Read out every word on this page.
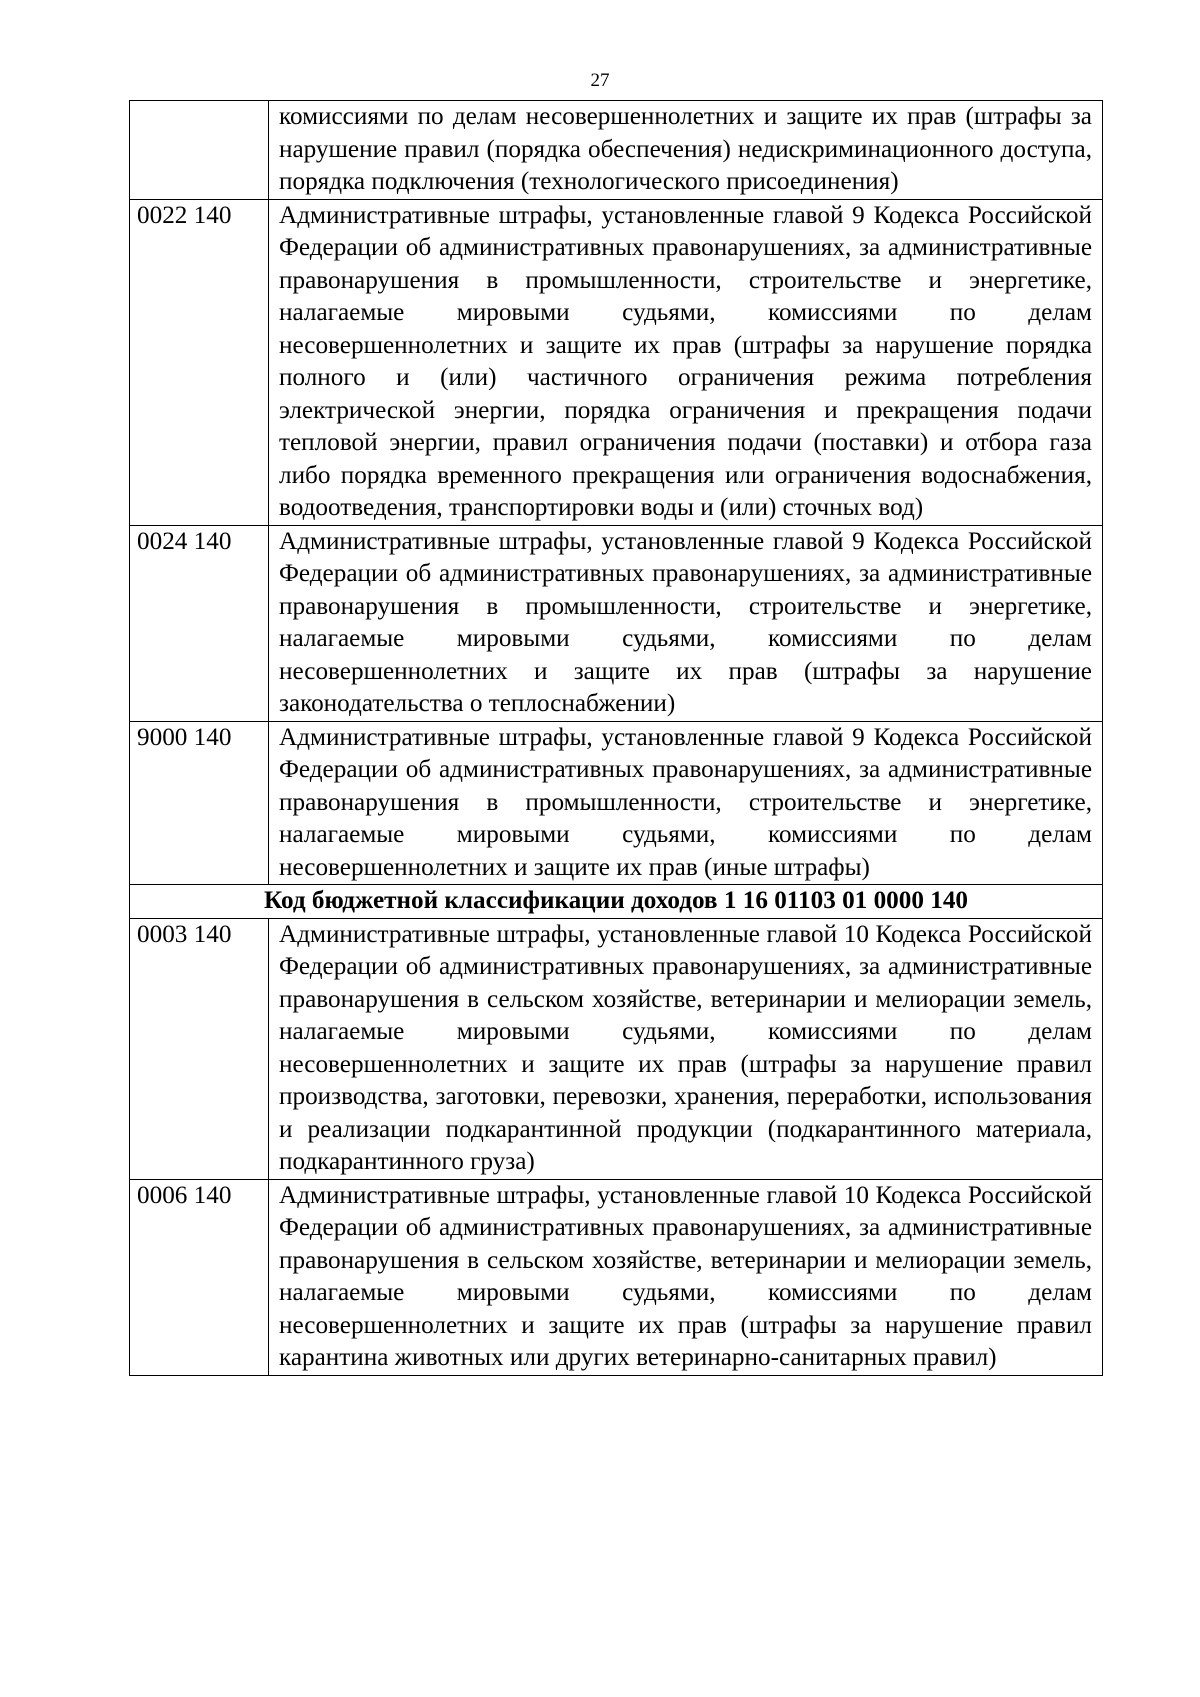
27
	комиссиями по делам несовершеннолетних и защите их прав (штрафы за нарушение правил (порядка обеспечения) недискриминационного доступа, порядка подключения (технологического присоединения)
0022 140	Административные штрафы, установленные главой 9 Кодекса Российской Федерации об административных правонарушениях, за административные правонарушения в промышленности, строительстве и энергетике, налагаемые мировыми судьями, комиссиями по делам несовершеннолетних и защите их прав (штрафы за нарушение порядка полного и (или) частичного ограничения режима потребления электрической энергии, порядка ограничения и прекращения подачи тепловой энергии, правил ограничения подачи (поставки) и отбора газа либо порядка временного прекращения или ограничения водоснабжения, водоотведения, транспортировки воды и (или) сточных вод)
0024 140	Административные штрафы, установленные главой 9 Кодекса Российской Федерации об административных правонарушениях, за административные правонарушения в промышленности, строительстве и энергетике, налагаемые мировыми судьями, комиссиями по делам несовершеннолетних и защите их прав (штрафы за нарушение законодательства о теплоснабжении)
9000 140	Административные штрафы, установленные главой 9 Кодекса Российской Федерации об административных правонарушениях, за административные правонарушения в промышленности, строительстве и энергетике, налагаемые мировыми судьями, комиссиями по делам несовершеннолетних и защите их прав (иные штрафы)
Код бюджетной классификации доходов 1 16 01103 01 0000 140	
0003 140	Административные штрафы, установленные главой 10 Кодекса Российской Федерации об административных правонарушениях, за административные правонарушения в сельском хозяйстве, ветеринарии и мелиорации земель, налагаемые мировыми судьями, комиссиями по делам несовершеннолетних и защите их прав (штрафы за нарушение правил производства, заготовки, перевозки, хранения, переработки, использования и реализации подкарантинной продукции (подкарантинного материала, подкарантинного груза)
0006 140	Административные штрафы, установленные главой 10 Кодекса Российской Федерации об административных правонарушениях, за административные правонарушения в сельском хозяйстве, ветеринарии и мелиорации земель, налагаемые мировыми судьями, комиссиями по делам несовершеннолетних и защите их прав (штрафы за нарушение правил карантина животных или других ветеринарно-санитарных правил)
